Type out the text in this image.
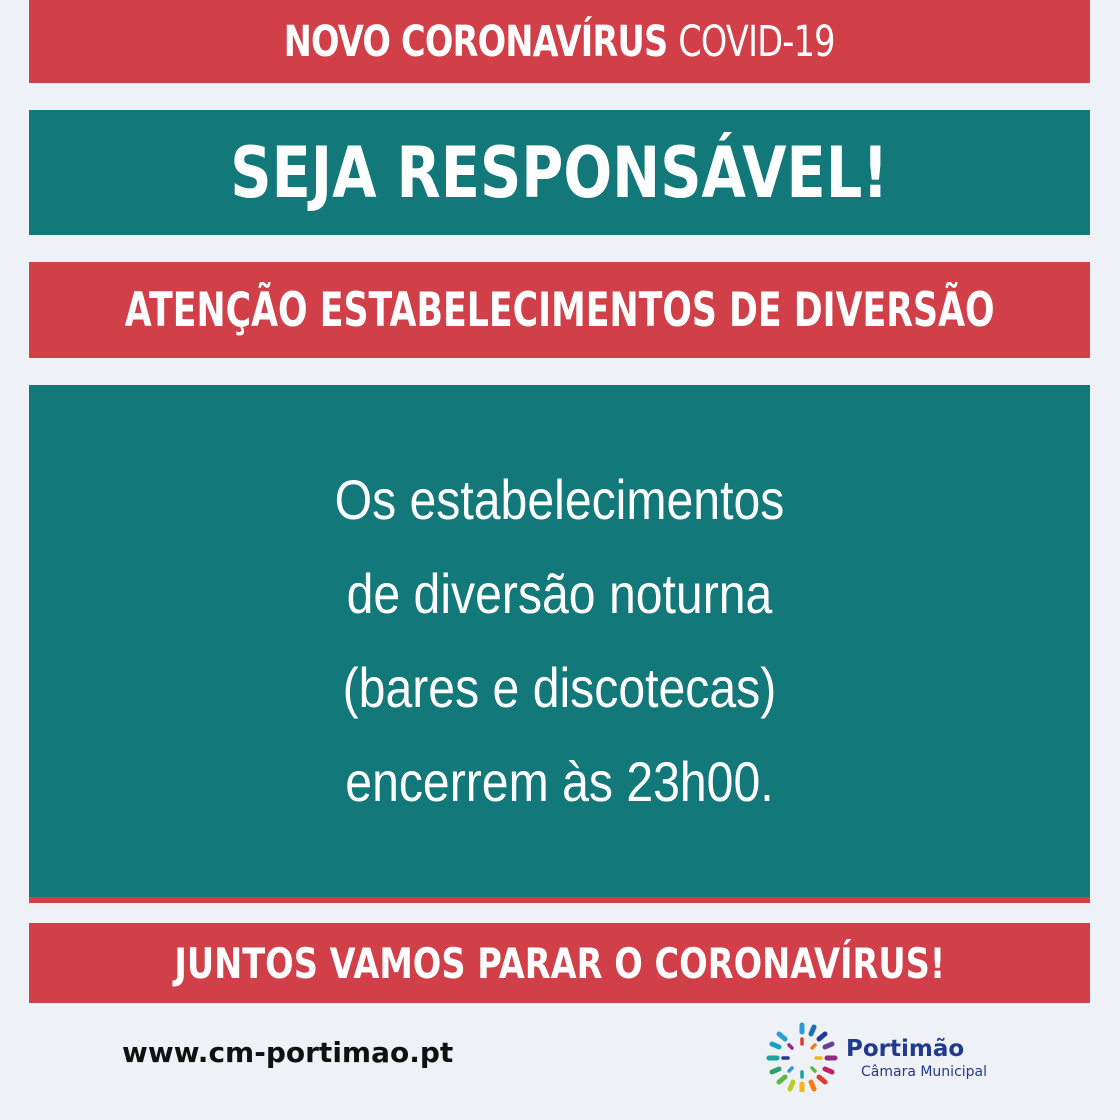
NOVO CORONAVÍRUS COVID-19
SEJA RESPONSÁVEL!
ATENÇÃO ESTABELECIMENTOS DE DIVERSÃO
Os estabelecimentos
de diversão noturna
(bares e discotecas)
encerrem às 23h00.
JUNTOS VAMOS PARAR O CORONAVÍRUS!
www.cm-portimao.pt	Portimão
Câmara Municipal
